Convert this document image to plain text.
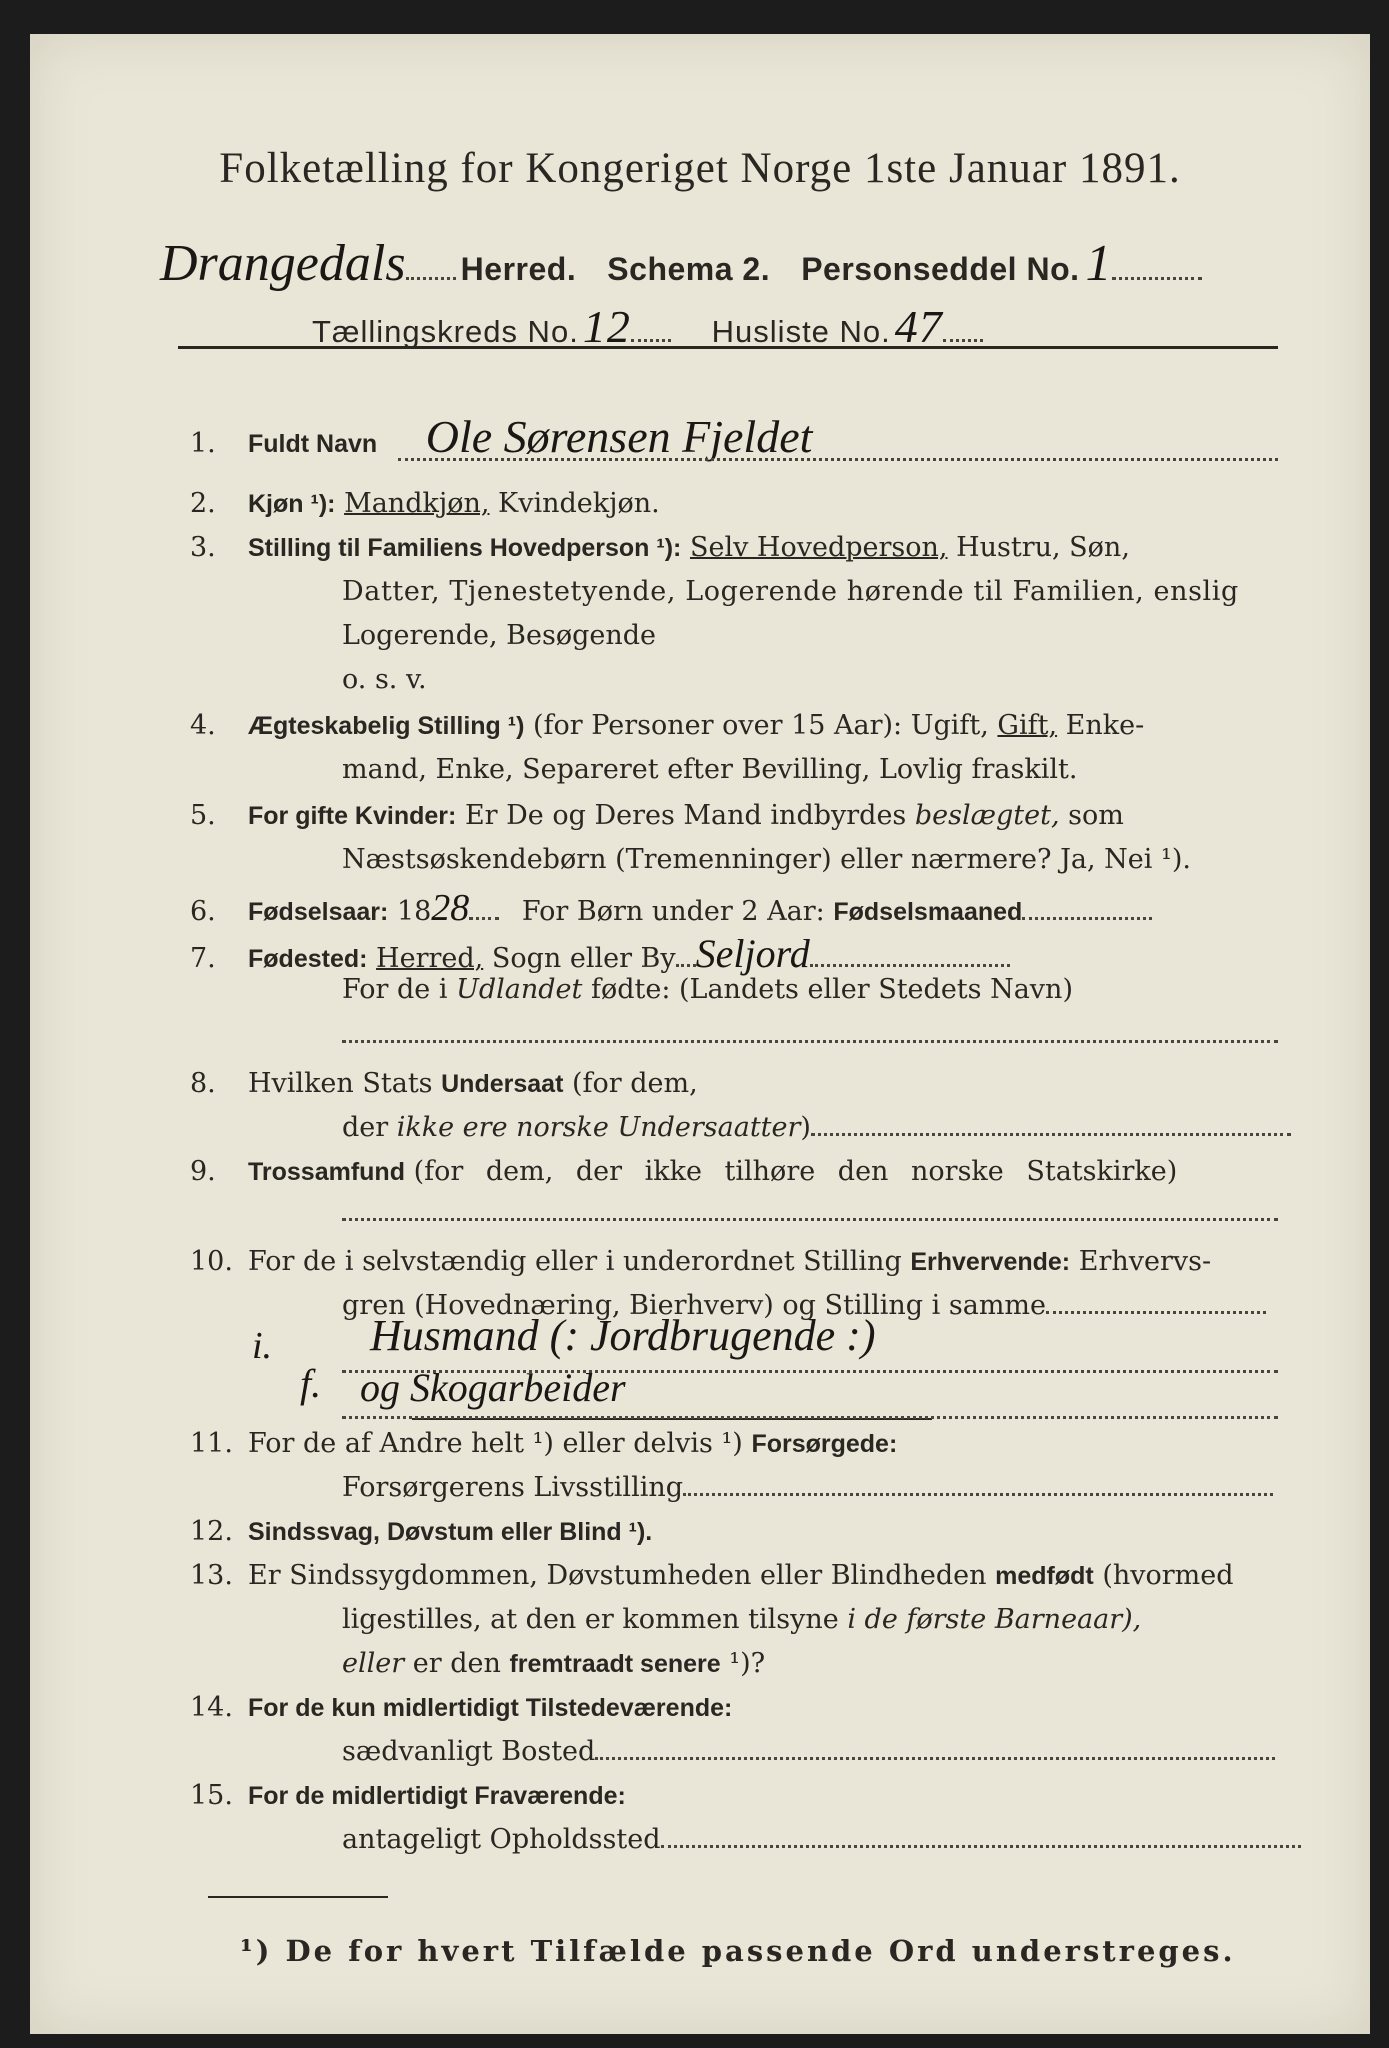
Folketælling for Kongeriget Norge 1ste Januar 1891.
Drangedals Herred. Schema 2. Personseddel No. 1
Tællingskreds No.12	Husliste No.47
1. Fuldt Navn Ole Sørensen Fjeldet
2. Kjøn ¹): Mandkjøn, Kvindekjøn.
3. Stilling til Familiens Hovedperson ¹): Selv Hovedperson, Hustru, Søn,
Datter, Tjenestetyende, Logerende hørende til Familien, enslig
Logerende, Besøgende
o. s. v.
4. Ægteskabelig Stilling ¹) (for Personer over 15 Aar): Ugift, Gift, Enke-
mand, Enke, Separeret efter Bevilling, Lovlig fraskilt.
5. For gifte Kvinder: Er De og Deres Mand indbyrdes beslægtet, som
Næstsøskendebørn (Tremenninger) eller nærmere? Ja, Nei ¹).
6. Fødselsaar: 1828 For Børn under 2 Aar: Fødselsmaaned
7. Fødested: Herred, Sogn eller By Seljord
For de i Udlandet fødte: (Landets eller Stedets Navn)
8. Hvilken Stats Undersaat (for dem,
der ikke ere norske Undersaatter)
9. Trossamfund (for dem, der ikke tilhøre den norske Statskirke)
10. For de i selvstændig eller i underordnet Stilling Erhvervende: Erhvervs-
gren (Hovednæring, Bierhverv) og Stilling i samme
i. Husmand (: Jordbrugende :)
f. og Skogarbeider
11. For de af Andre helt ¹) eller delvis ¹) Forsørgede:
Forsørgerens Livsstilling
12. Sindssvag, Døvstum eller Blind ¹).
13. Er Sindssygdommen, Døvstumheden eller Blindheden medfødt (hvormed
ligestilles, at den er kommen tilsyne i de første Barneaar),
eller er den fremtraadt senere ¹)?
14. For de kun midlertidigt Tilstedeværende:
sædvanligt Bosted
15. For de midlertidigt Fraværende:
antageligt Opholdssted
¹) De for hvert Tilfælde passende Ord understreges.
